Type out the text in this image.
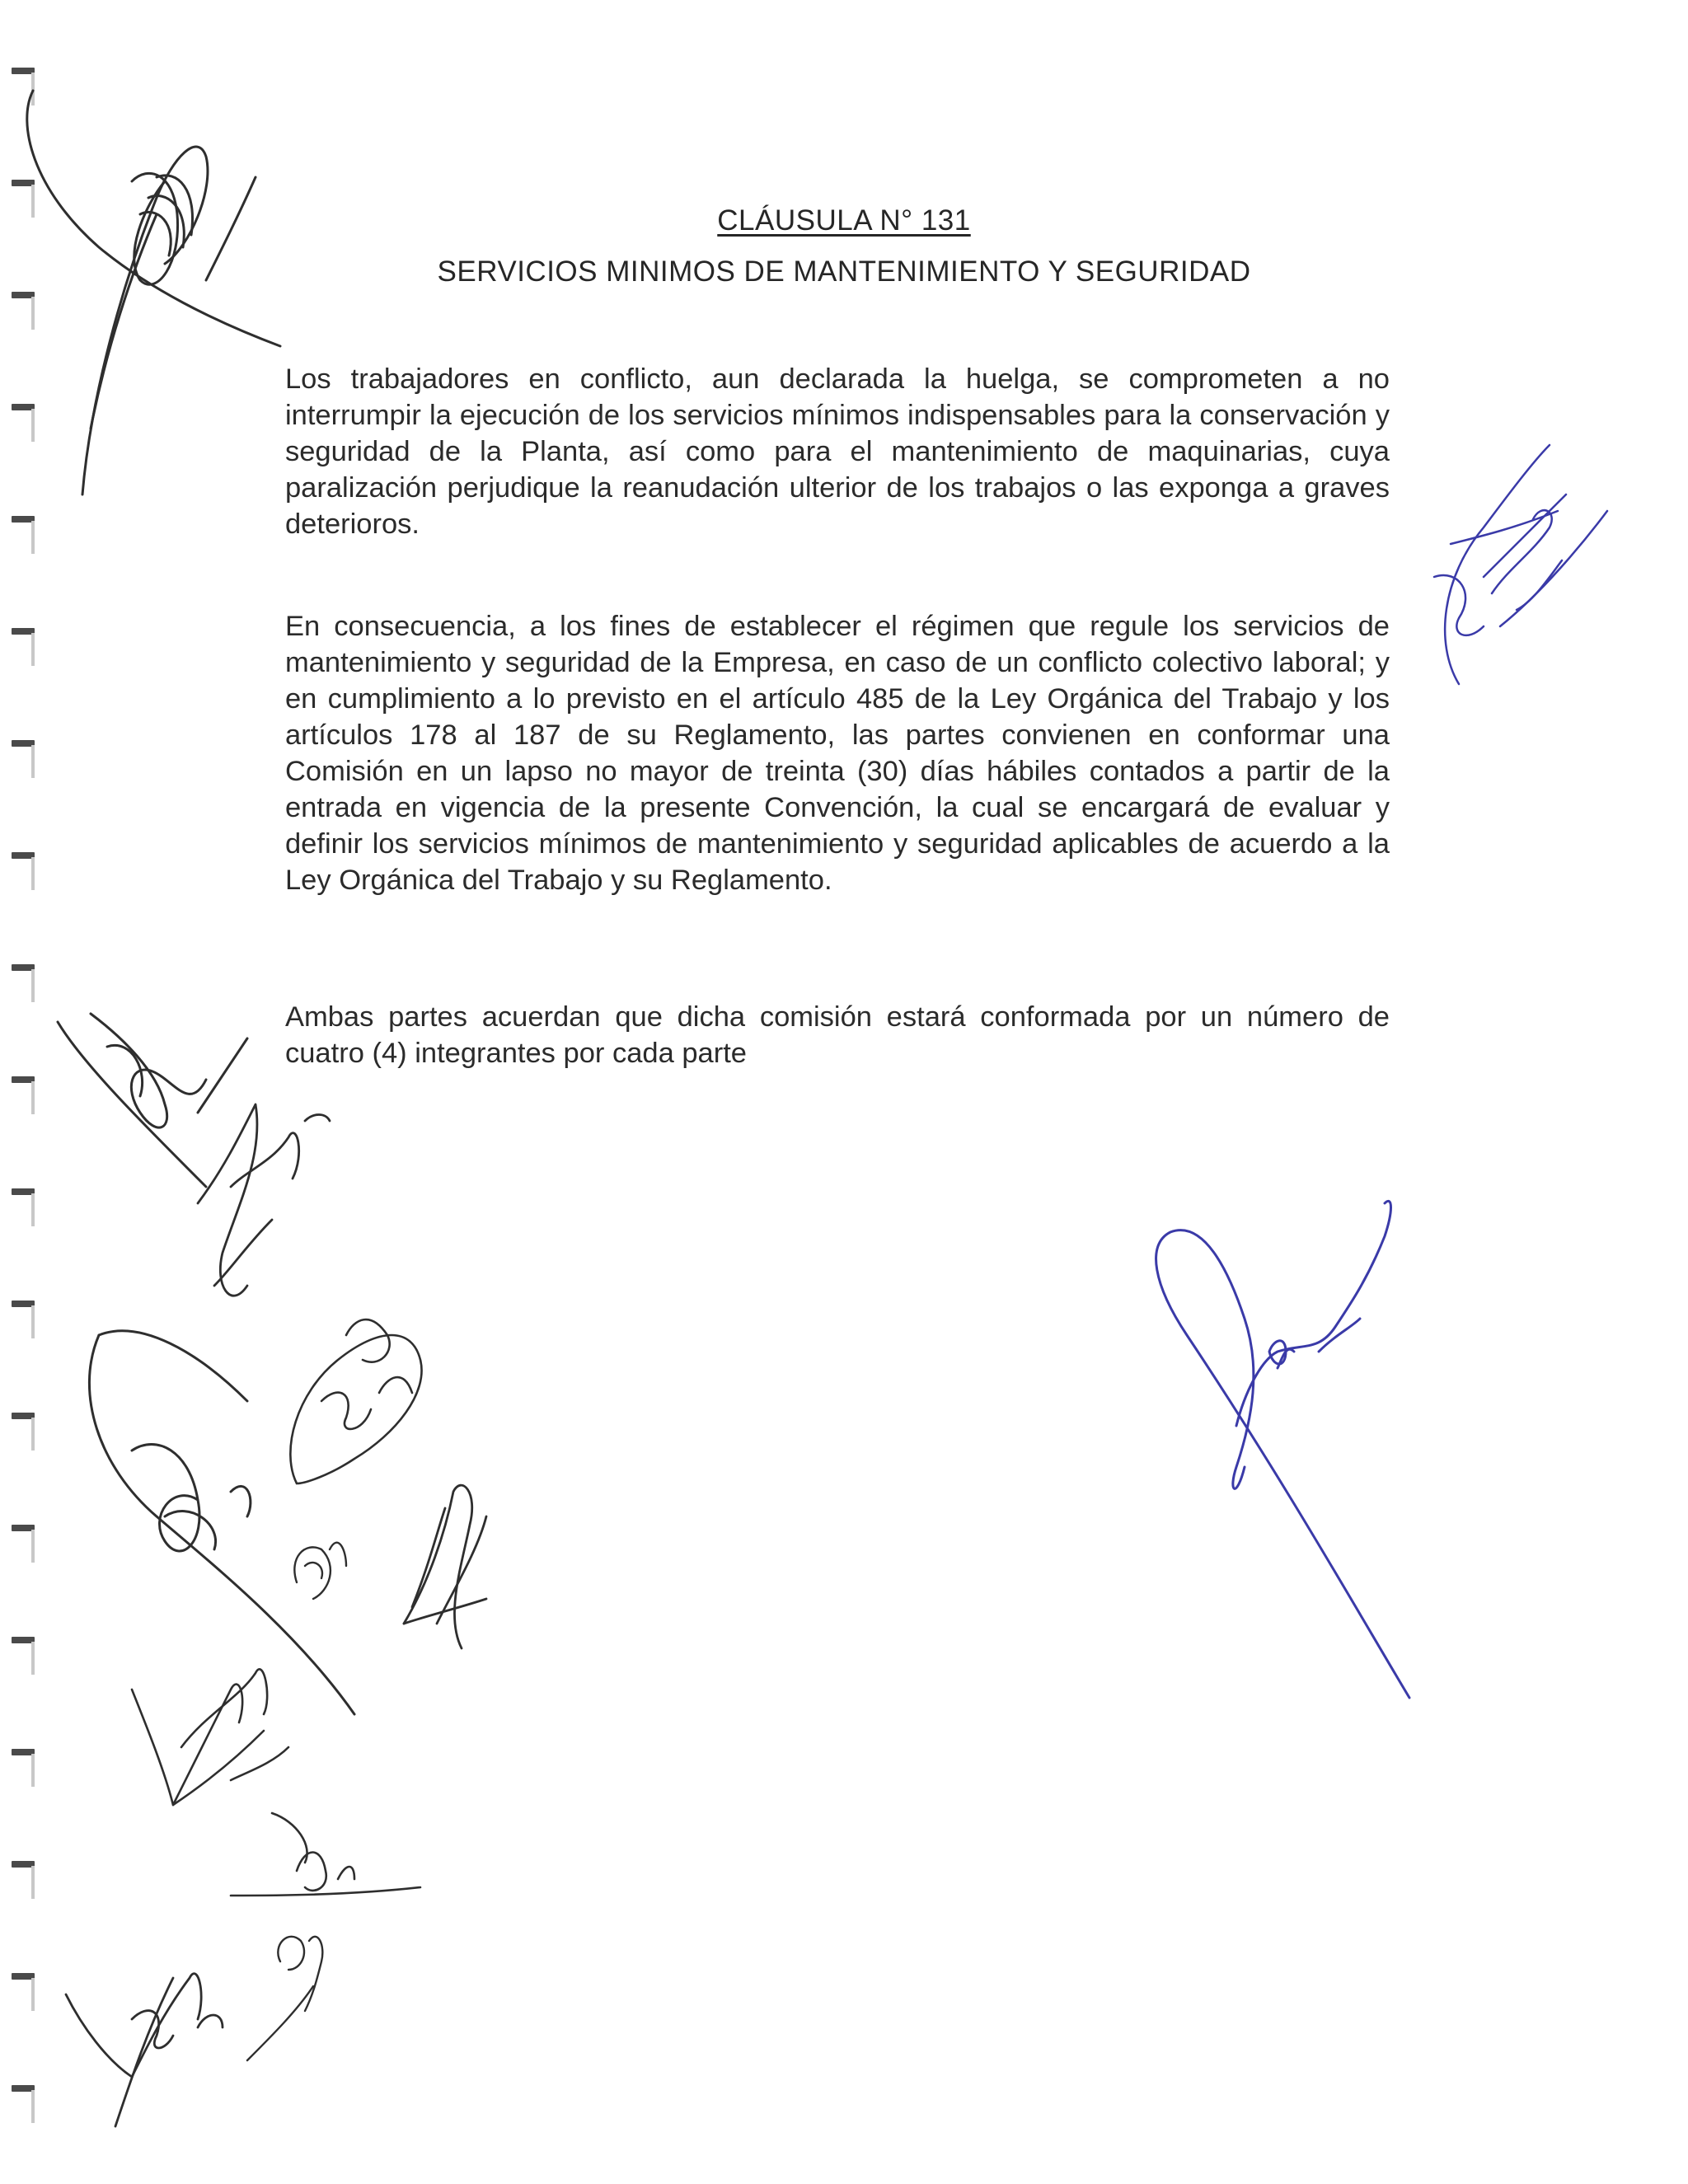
CLÁUSULA N° 131
SERVICIOS MINIMOS DE MANTENIMIENTO Y SEGURIDAD

Los trabajadores en conflicto, aun declarada la huelga, se comprometen a no interrumpir la ejecución de los servicios mínimos indispensables para la conservación y seguridad de la Planta, así como para el mantenimiento de maquinarias, cuya paralización perjudique la reanudación ulterior de los trabajos o las exponga a graves deterioros.

En consecuencia, a los fines de establecer el régimen que regule los servicios de mantenimiento y seguridad de la Empresa, en caso de un conflicto colectivo laboral; y en cumplimiento a lo previsto en el artículo 485 de la Ley Orgánica del Trabajo y los artículos 178 al 187 de su Reglamento, las partes convienen en conformar una Comisión en un lapso no mayor de treinta (30) días hábiles contados a partir de la entrada en vigencia de la presente Convención, la cual se encargará de evaluar y definir los servicios mínimos de mantenimiento y seguridad aplicables de acuerdo a la Ley Orgánica del Trabajo y su Reglamento.

Ambas partes acuerdan que dicha comisión estará conformada por un número de cuatro (4) integrantes por cada parte
